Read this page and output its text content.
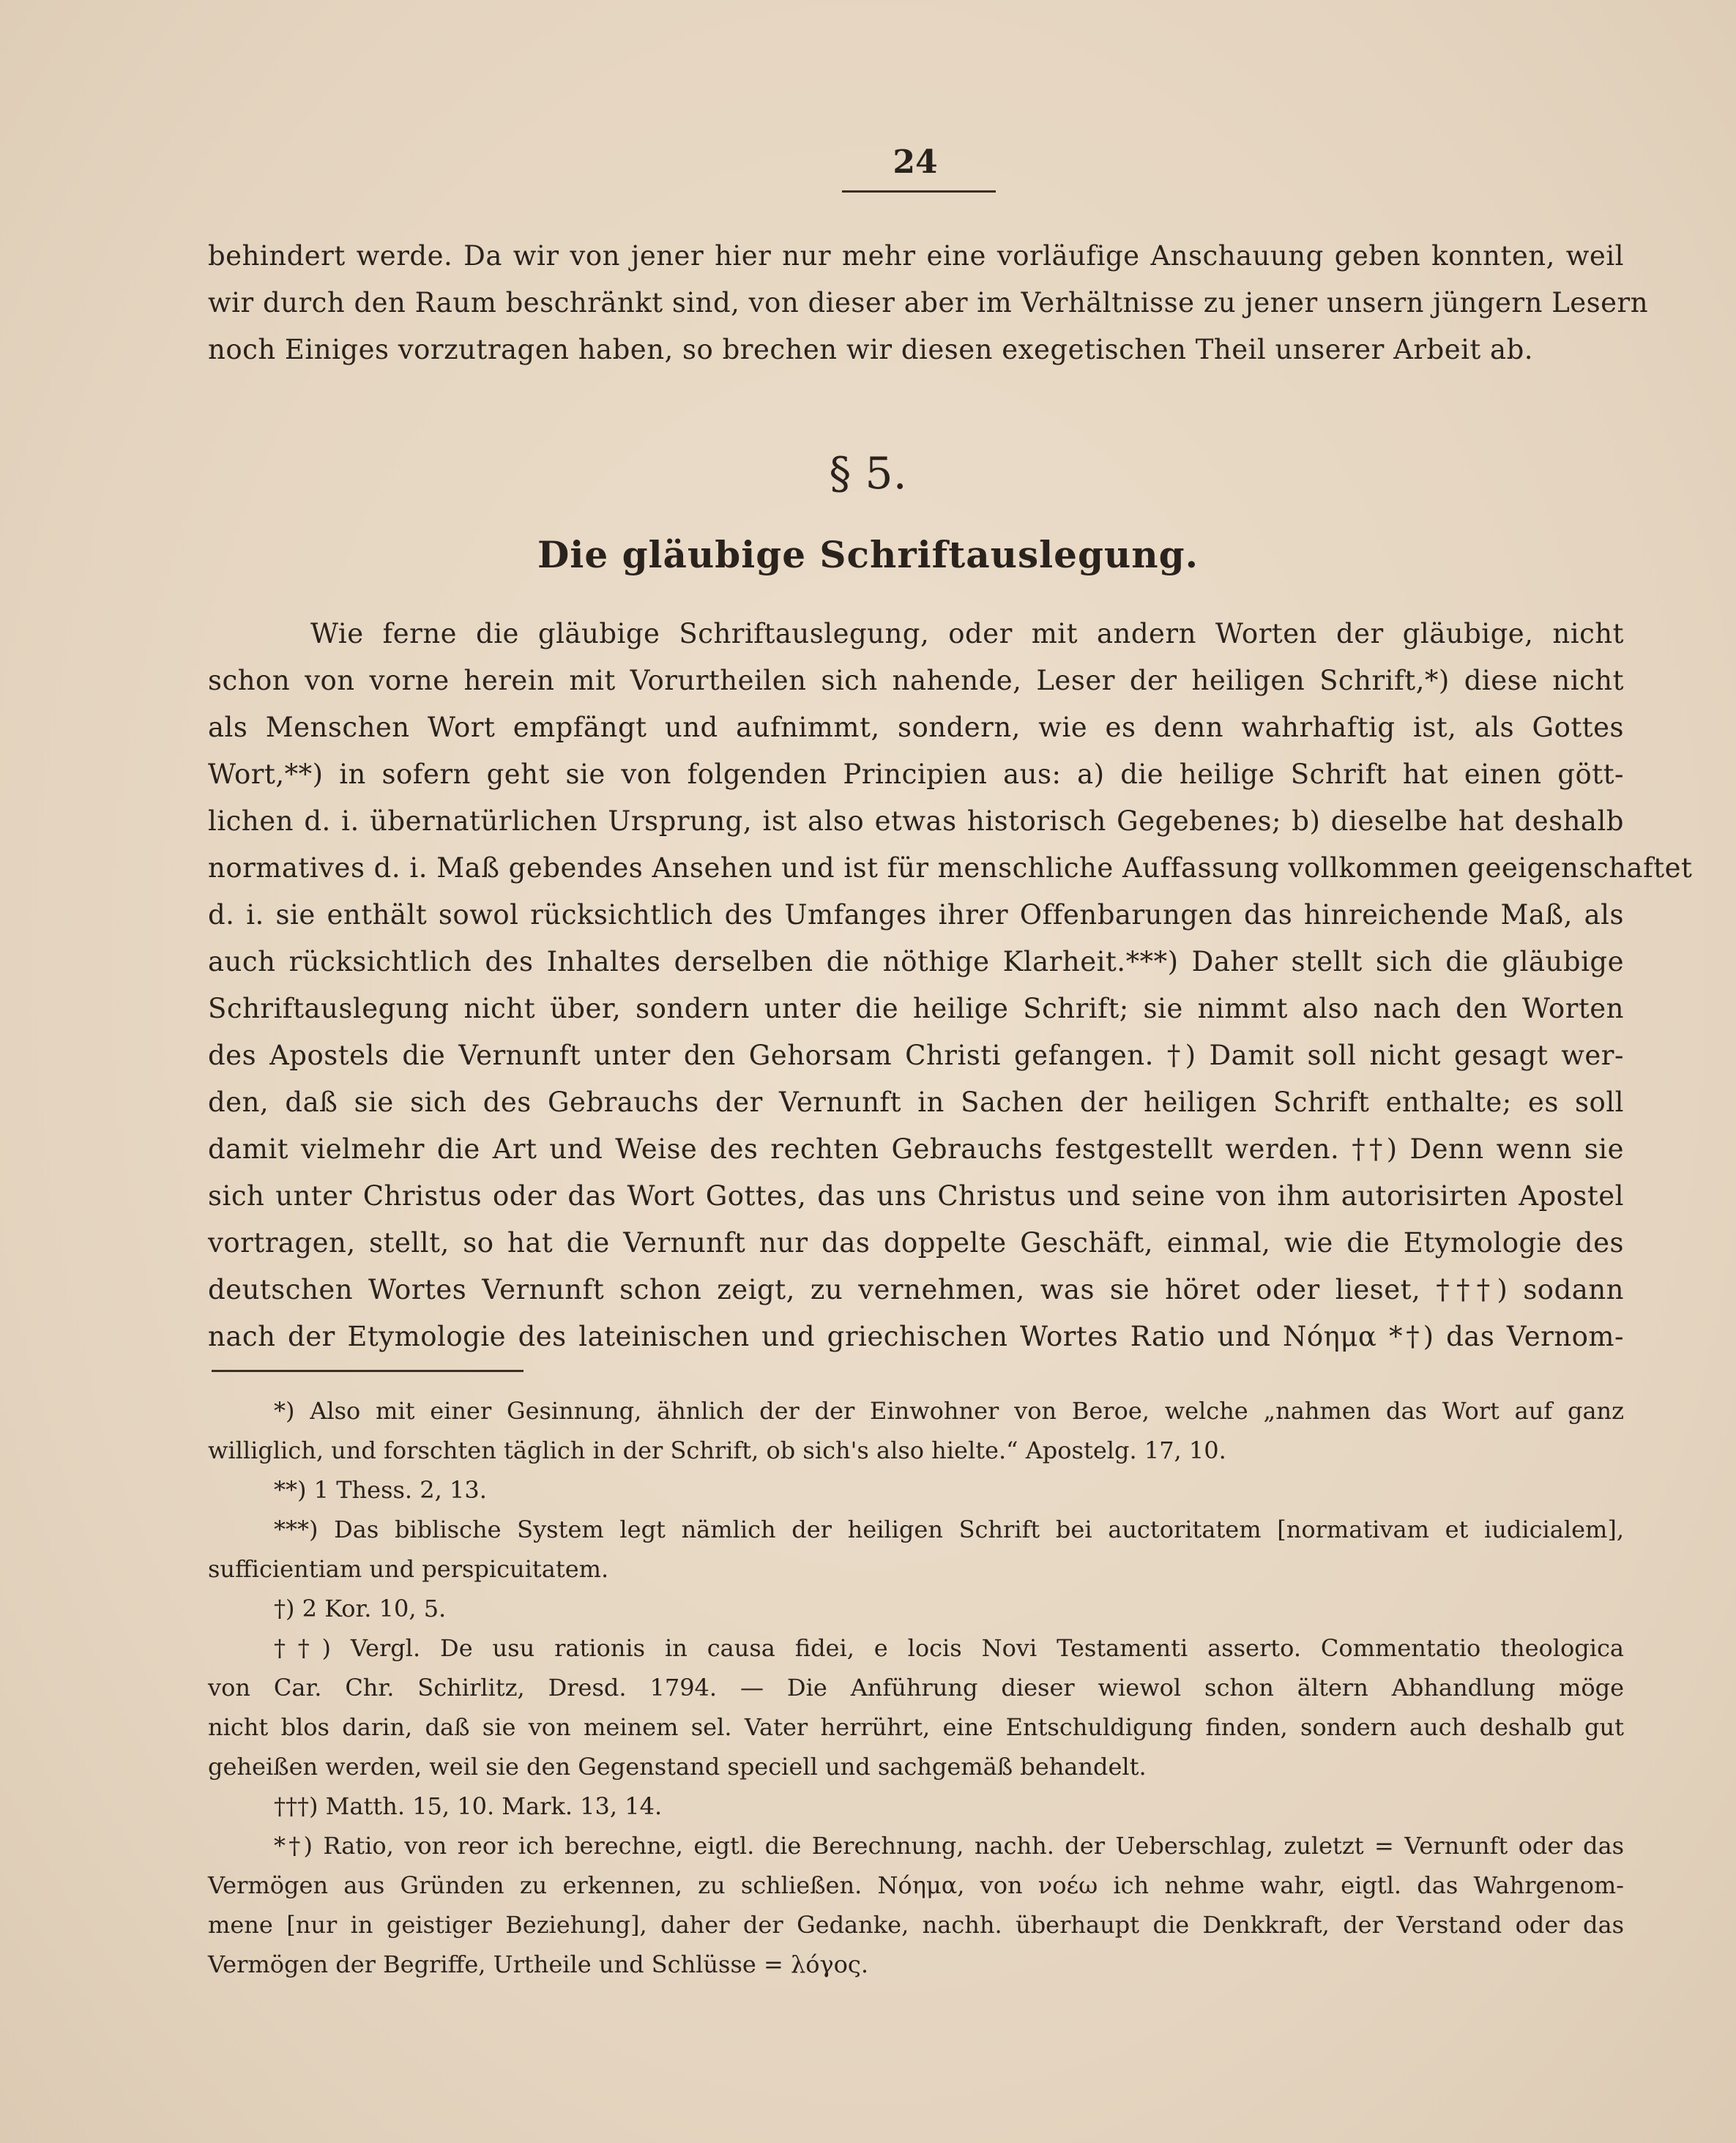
24
behindert werde. Da wir von jener hier nur mehr eine vorläufige Anschauung geben konnten, weil
wir durch den Raum beschränkt sind, von dieser aber im Verhältnisse zu jener unsern jüngern Lesern
noch Einiges vorzutragen haben, so brechen wir diesen exegetischen Theil unserer Arbeit ab.
§ 5.
Die gläubige Schriftauslegung.
Wie ferne die gläubige Schriftauslegung, oder mit andern Worten der gläubige, nicht
schon von vorne herein mit Vorurtheilen sich nahende, Leser der heiligen Schrift,*) diese nicht
als Menschen Wort empfängt und aufnimmt, sondern, wie es denn wahrhaftig ist, als Gottes
Wort,**) in sofern geht sie von folgenden Principien aus: a) die heilige Schrift hat einen gött-
lichen d. i. übernatürlichen Ursprung, ist also etwas historisch Gegebenes; b) dieselbe hat deshalb
normatives d. i. Maß gebendes Ansehen und ist für menschliche Auffassung vollkommen geeigenschaftet
d. i. sie enthält sowol rücksichtlich des Umfanges ihrer Offenbarungen das hinreichende Maß, als
auch rücksichtlich des Inhaltes derselben die nöthige Klarheit.***) Daher stellt sich die gläubige
Schriftauslegung nicht über, sondern unter die heilige Schrift; sie nimmt also nach den Worten
des Apostels die Vernunft unter den Gehorsam Christi gefangen. †) Damit soll nicht gesagt wer-
den, daß sie sich des Gebrauchs der Vernunft in Sachen der heiligen Schrift enthalte; es soll
damit vielmehr die Art und Weise des rechten Gebrauchs festgestellt werden. ††) Denn wenn sie
sich unter Christus oder das Wort Gottes, das uns Christus und seine von ihm autorisirten Apostel
vortragen, stellt, so hat die Vernunft nur das doppelte Geschäft, einmal, wie die Etymologie des
deutschen Wortes Vernunft schon zeigt, zu vernehmen, was sie höret oder lieset, †††) sodann
nach der Etymologie des lateinischen und griechischen Wortes Ratio und Νόημα *†) das Vernom-
*) Also mit einer Gesinnung, ähnlich der der Einwohner von Beroe, welche „nahmen das Wort auf ganz
williglich, und forschten täglich in der Schrift, ob sich's also hielte.“ Apostelg. 17, 10.
**) 1 Thess. 2, 13.
***) Das biblische System legt nämlich der heiligen Schrift bei auctoritatem [normativam et iudicialem],
sufficientiam und perspicuitatem.
†) 2 Kor. 10, 5.
††) Vergl. De usu rationis in causa fidei, e locis Novi Testamenti asserto. Commentatio theologica
von Car. Chr. Schirlitz, Dresd. 1794. — Die Anführung dieser wiewol schon ältern Abhandlung möge
nicht blos darin, daß sie von meinem sel. Vater herrührt, eine Entschuldigung finden, sondern auch deshalb gut
geheißen werden, weil sie den Gegenstand speciell und sachgemäß behandelt.
†††) Matth. 15, 10. Mark. 13, 14.
*†) Ratio, von reor ich berechne, eigtl. die Berechnung, nachh. der Ueberschlag, zuletzt = Vernunft oder das
Vermögen aus Gründen zu erkennen, zu schließen. Νόημα, von νοέω ich nehme wahr, eigtl. das Wahrgenom-
mene [nur in geistiger Beziehung], daher der Gedanke, nachh. überhaupt die Denkkraft, der Verstand oder das
Vermögen der Begriffe, Urtheile und Schlüsse = λόγος.
